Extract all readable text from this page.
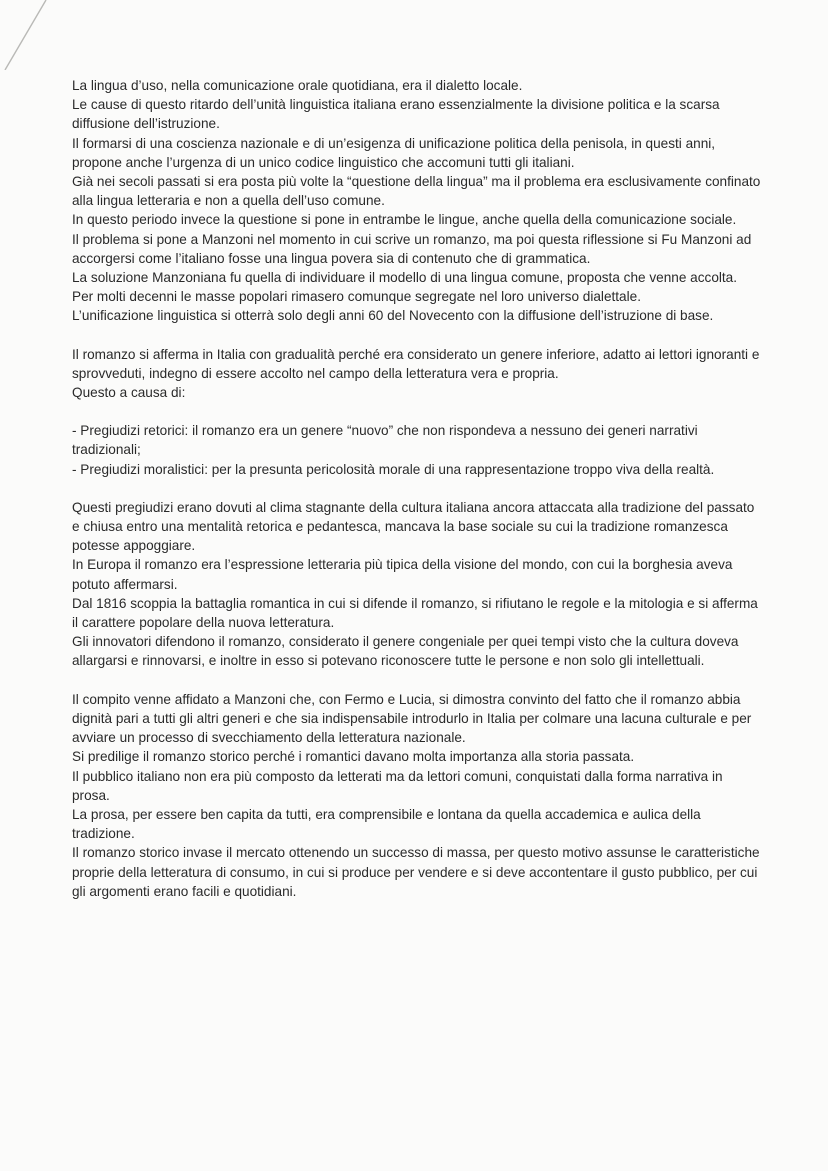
La lingua d’uso, nella comunicazione orale quotidiana, era il dialetto locale.

Le cause di questo ritardo dell’unità linguistica italiana erano essenzialmente la divisione politica e la scarsa diffusione dell’istruzione.

Il formarsi di una coscienza nazionale e di un’esigenza di unificazione politica della penisola, in questi anni, propone anche l’urgenza di un unico codice linguistico che accomuni tutti gli italiani.

Già nei secoli passati si era posta più volte la “questione della lingua” ma il problema era esclusivamente confinato alla lingua letteraria e non a quella dell’uso comune.

In questo periodo invece la questione si pone in entrambe le lingue, anche quella della comunicazione sociale.

Il problema si pone a Manzoni nel momento in cui scrive un romanzo, ma poi questa riflessione si Fu Manzoni ad accorgersi come l’italiano fosse una lingua povera sia di contenuto che di grammatica.

La soluzione Manzoniana fu quella di individuare il modello di una lingua comune, proposta che venne accolta.

Per molti decenni le masse popolari rimasero comunque segregate nel loro universo dialettale.

L’unificazione linguistica si otterrà solo degli anni 60 del Novecento con la diffusione dell’istruzione di base.

Il romanzo si afferma in Italia con gradualità perché era considerato un genere inferiore, adatto ai lettori ignoranti e sprovveduti, indegno di essere accolto nel campo della letteratura vera e propria.

Questo a causa di:

- Pregiudizi retorici: il romanzo era un genere “nuovo” che non rispondeva a nessuno dei generi narrativi tradizionali;

- Pregiudizi moralistici: per la presunta pericolosità morale di una rappresentazione troppo viva della realtà.

Questi pregiudizi erano dovuti al clima stagnante della cultura italiana ancora attaccata alla tradizione del passato e chiusa entro una mentalità retorica e pedantesca, mancava la base sociale su cui la tradizione romanzesca potesse appoggiare.

In Europa il romanzo era l’espressione letteraria più tipica della visione del mondo, con cui la borghesia aveva potuto affermarsi.

Dal 1816 scoppia la battaglia romantica in cui si difende il romanzo, si rifiutano le regole e la mitologia e si afferma il carattere popolare della nuova letteratura.

Gli innovatori difendono il romanzo, considerato il genere congeniale per quei tempi visto che la cultura doveva allargarsi e rinnovarsi, e inoltre in esso si potevano riconoscere tutte le persone e non solo gli intellettuali.

Il compito venne affidato a Manzoni che, con Fermo e Lucia, si dimostra convinto del fatto che il romanzo abbia dignità pari a tutti gli altri generi e che sia indispensabile introdurlo in Italia per colmare una lacuna culturale e per avviare un processo di svecchiamento della letteratura nazionale.

Si predilige il romanzo storico perché i romantici davano molta importanza alla storia passata.

Il pubblico italiano non era più composto da letterati ma da lettori comuni, conquistati dalla forma narrativa in prosa.

La prosa, per essere ben capita da tutti, era comprensibile e lontana da quella accademica e aulica della tradizione.

Il romanzo storico invase il mercato ottenendo un successo di massa, per questo motivo assunse le caratteristiche proprie della letteratura di consumo, in cui si produce per vendere e si deve accontentare il gusto pubblico, per cui gli argomenti erano facili e quotidiani.
